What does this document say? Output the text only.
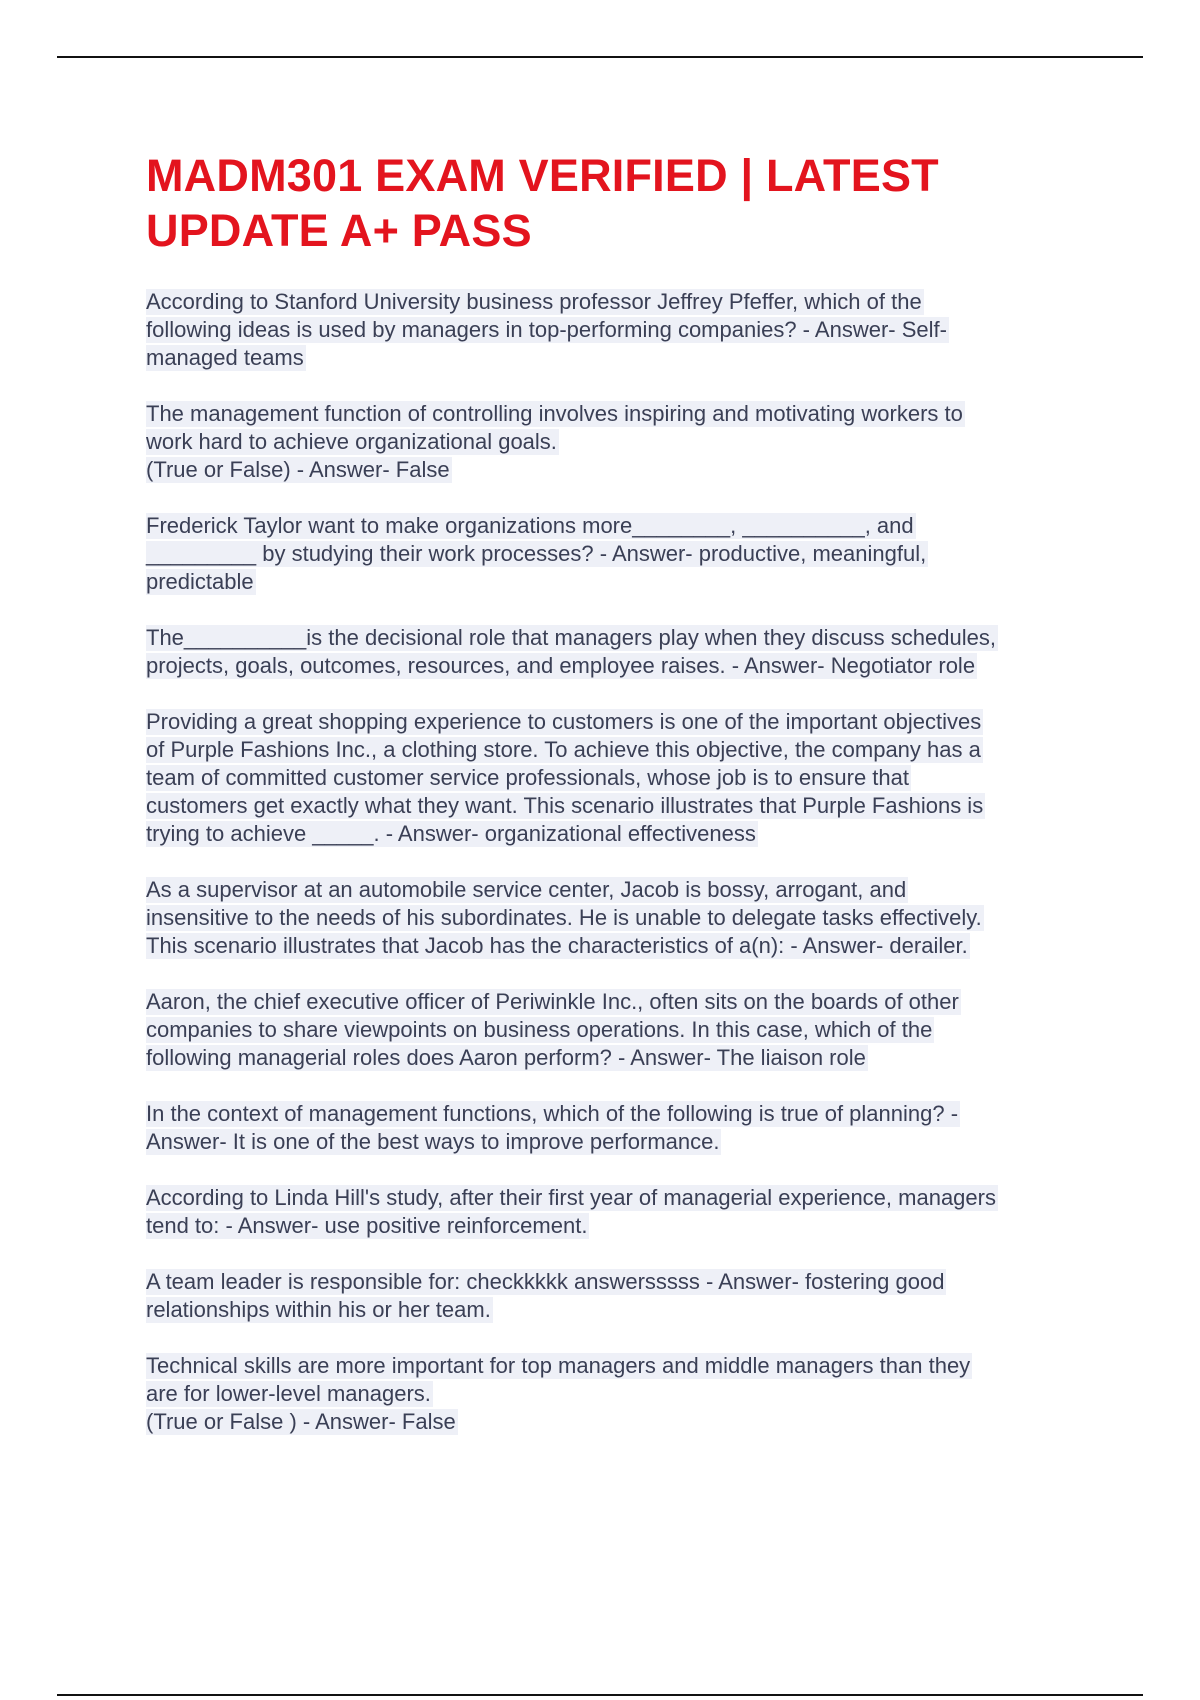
MADM301 EXAM VERIFIED | LATEST
UPDATE A+ PASS
According to Stanford University business professor Jeffrey Pfeffer, which of the
following ideas is used by managers in top-performing companies? - Answer- Self-
managed teams
The management function of controlling involves inspiring and motivating workers to
work hard to achieve organizational goals.
(True or False) - Answer- False
Frederick Taylor want to make organizations more________, __________, and
_________ by studying their work processes? - Answer- productive, meaningful,
predictable
The__________is the decisional role that managers play when they discuss schedules,
projects, goals, outcomes, resources, and employee raises. - Answer- Negotiator role
Providing a great shopping experience to customers is one of the important objectives
of Purple Fashions Inc., a clothing store. To achieve this objective, the company has a
team of committed customer service professionals, whose job is to ensure that
customers get exactly what they want. This scenario illustrates that Purple Fashions is
trying to achieve _____. - Answer- organizational effectiveness
As a supervisor at an automobile service center, Jacob is bossy, arrogant, and
insensitive to the needs of his subordinates. He is unable to delegate tasks effectively.
This scenario illustrates that Jacob has the characteristics of a(n): - Answer- derailer.
Aaron, the chief executive officer of Periwinkle Inc., often sits on the boards of other
companies to share viewpoints on business operations. In this case, which of the
following managerial roles does Aaron perform? - Answer- The liaison role
In the context of management functions, which of the following is true of planning? -
Answer- It is one of the best ways to improve performance.
According to Linda Hill's study, after their first year of managerial experience, managers
tend to: - Answer- use positive reinforcement.
A team leader is responsible for: checkkkkk answersssss - Answer- fostering good
relationships within his or her team.
Technical skills are more important for top managers and middle managers than they
are for lower-level managers.
(True or False ) - Answer- False
